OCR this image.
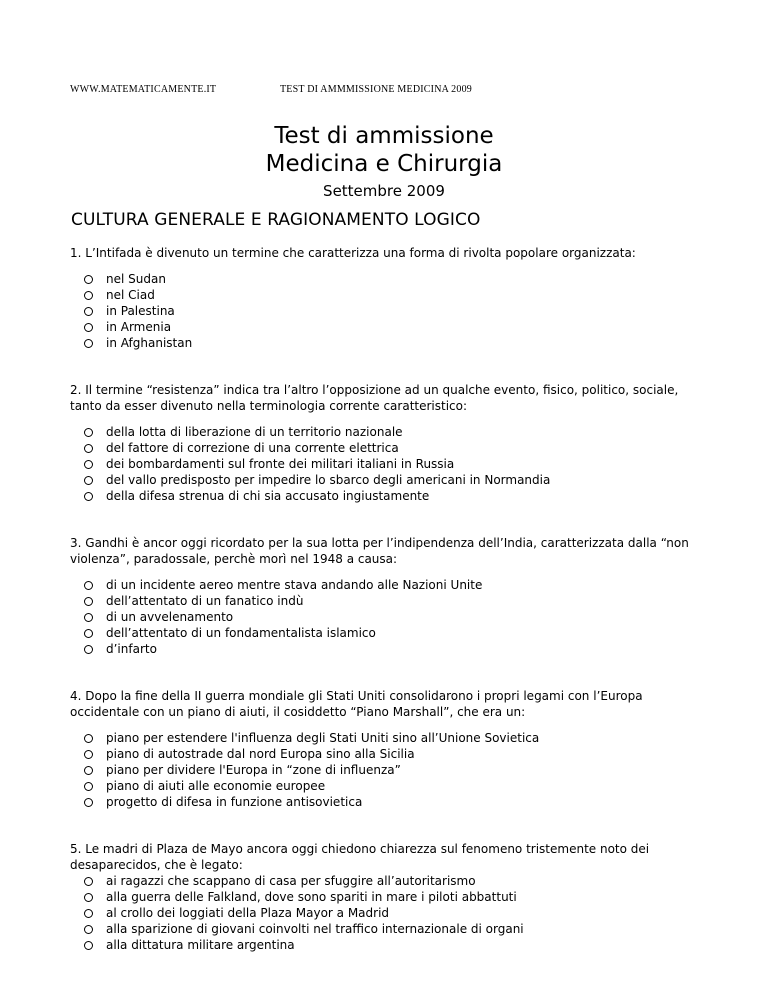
WWW.MATEMATICAMENTE.IT	TEST DI AMMMISSIONE MEDICINA 2009
Test di ammissione
Medicina e Chirurgia
Settembre 2009
CULTURA GENERALE E RAGIONAMENTO LOGICO

1. L’Intifada è divenuto un termine che caratterizza una forma di rivolta popolare organizzata:

nel Sudan
nel Ciad
in Palestina
in Armenia
in Afghanistan

2. Il termine “resistenza” indica tra l’altro l’opposizione ad un qualche evento, fisico, politico, sociale, tanto da esser divenuto nella terminologia corrente caratteristico:

della lotta di liberazione di un territorio nazionale
del fattore di correzione di una corrente elettrica
dei bombardamenti sul fronte dei militari italiani in Russia
del vallo predisposto per impedire lo sbarco degli americani in Normandia
della difesa strenua di chi sia accusato ingiustamente

3. Gandhi è ancor oggi ricordato per la sua lotta per l’indipendenza dell’India, caratterizzata dalla “non violenza”, paradossale, perchè morì nel 1948 a causa:

di un incidente aereo mentre stava andando alle Nazioni Unite
dell’attentato di un fanatico indù
di un avvelenamento
dell’attentato di un fondamentalista islamico
d’infarto

4. Dopo la fine della II guerra mondiale gli Stati Uniti consolidarono i propri legami con l’Europa occidentale con un piano di aiuti, il cosiddetto “Piano Marshall”, che era un:

piano per estendere l'influenza degli Stati Uniti sino all’Unione Sovietica
piano di autostrade dal nord Europa sino alla Sicilia
piano per dividere l'Europa in “zone di influenza”
piano di aiuti alle economie europee
progetto di difesa in funzione antisovietica

5. Le madri di Plaza de Mayo ancora oggi chiedono chiarezza sul fenomeno tristemente noto dei desaparecidos, che è legato:

ai ragazzi che scappano di casa per sfuggire all’autoritarismo
alla guerra delle Falkland, dove sono spariti in mare i piloti abbattuti
al crollo dei loggiati della Plaza Mayor a Madrid
alla sparizione di giovani coinvolti nel traffico internazionale di organi
alla dittatura militare argentina
